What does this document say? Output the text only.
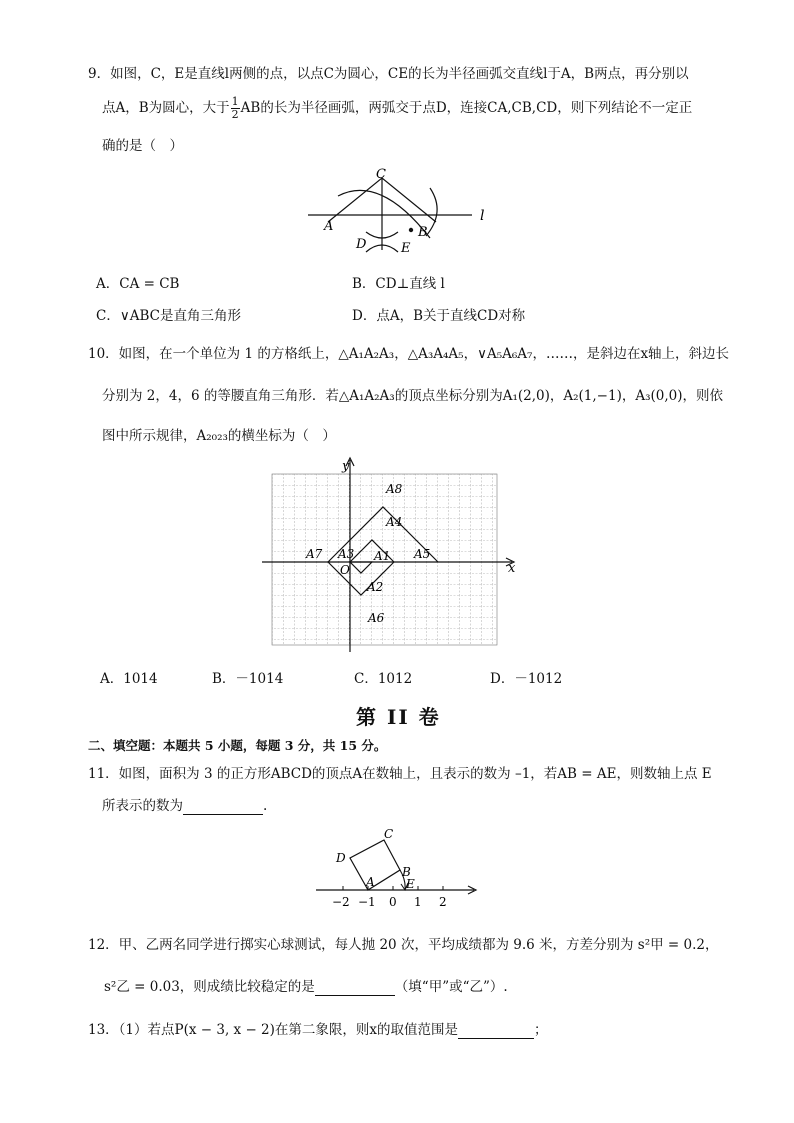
9．如图，C，E是直线l两侧的点，以点C为圆心，CE的长为半径画弧交直线l于A，B两点，再分别以
点A，B为圆心，大于 $\frac{1}{2}$ AB的长为半径画弧，两弧交于点D，连接CA,CB,CD，则下列结论不一定正
确的是（　）
C
A	B
D	E
l
A．CA = CB	B．CD⊥直线 l
C．∨ABC是直角三角形	D．点A，B关于直线CD对称
10．如图，在一个单位为 1 的方格纸上，△A₁A₂A₃，△A₃A₄A₅，∨A₅A₆A₇，……，是斜边在x轴上，斜边长
分别为 2，4，6 的等腰直角三角形．若△A₁A₂A₃的顶点坐标分别为A₁(2,0)，A₂(1,−1)，A₃(0,0)，则依
图中所示规律，A₂₀₂₃的横坐标为（　）
y
x
O
A1
A2
A3
A4
A5
A6
A7
A8
A．1014	B．－1014	C．1012	D．－1012
第 II 卷
二、填空题：本题共 5 小题，每题 3 分，共 15 分。
11．如图，面积为 3 的正方形ABCD的顶点A在数轴上，且表示的数为 –1，若AB = AE，则数轴上点 E
所表示的数为	.
C
D
B
A	E
−2 −1 0 1 2
12．甲、乙两名同学进行掷实心球测试，每人抛 20 次，平均成绩都为 9.6 米，方差分别为 s²甲 = 0.2，
s²乙 = 0.03，则成绩比较稳定的是	（填“甲”或“乙”）.
13．（1）若点P(x − 3, x − 2)在第二象限，则x的取值范围是	；
